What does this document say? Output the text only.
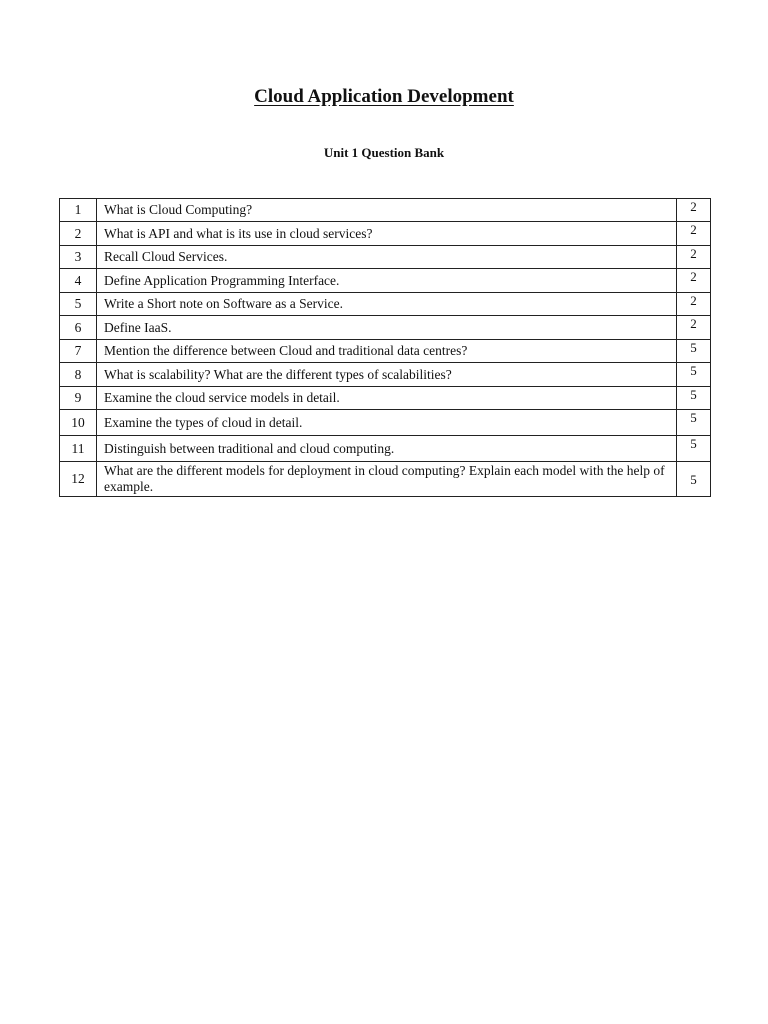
Cloud Application Development
Unit 1 Question Bank
1	What is Cloud Computing?	2
2	What is API and what is its use in cloud services?	2
3	Recall Cloud Services.	2
4	Define Application Programming Interface.	2
5	Write a Short note on Software as a Service.	2
6	Define IaaS.	2
7	Mention the difference between Cloud and traditional data centres?	5
8	What is scalability? What are the different types of scalabilities?	5
9	Examine the cloud service models in detail.	5
10	Examine the types of cloud in detail.	5
11	Distinguish between traditional and cloud computing.	5
12	What are the different models for deployment in cloud computing? Explain each model with the help of example.	5
